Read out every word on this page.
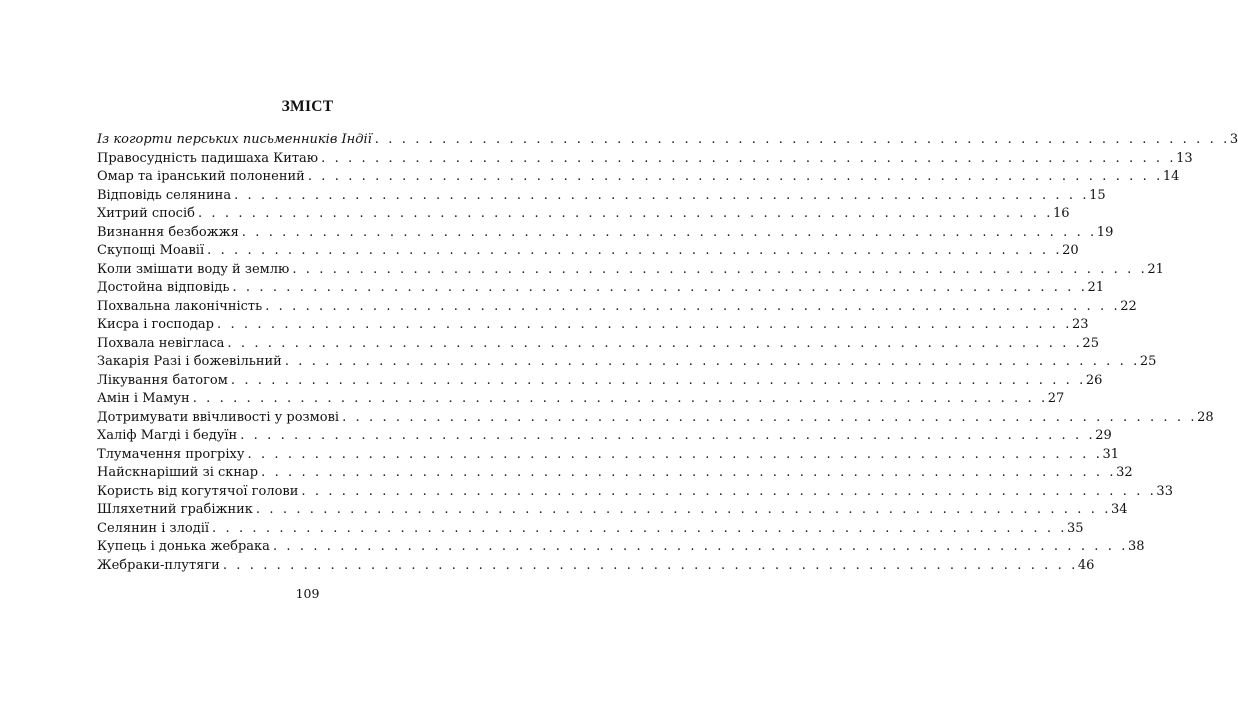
ЗМІСТ
Із когорти перських письменників Індії . . . . . . . . . . . . . . . . . . . . . . . . . . . . . . . . . . . . . . . . . . . . . . . . . . . . . . . . . . . . . . . . 3
Правосудність падишаха Китаю . . . . . . . . . . . . . . . . . . . . . . . . . . . . . . . . . . . . . . . . . . . . . . . . . . . . . . . . . . . . . . . . 13
Омар та іранський полонений . . . . . . . . . . . . . . . . . . . . . . . . . . . . . . . . . . . . . . . . . . . . . . . . . . . . . . . . . . . . . . . . 14
Відповідь селянина . . . . . . . . . . . . . . . . . . . . . . . . . . . . . . . . . . . . . . . . . . . . . . . . . . . . . . . . . . . . . . . . 15
Хитрий спосіб . . . . . . . . . . . . . . . . . . . . . . . . . . . . . . . . . . . . . . . . . . . . . . . . . . . . . . . . . . . . . . . . 16
Визнання безбожжя . . . . . . . . . . . . . . . . . . . . . . . . . . . . . . . . . . . . . . . . . . . . . . . . . . . . . . . . . . . . . . . . 19
Скупощі Моавії . . . . . . . . . . . . . . . . . . . . . . . . . . . . . . . . . . . . . . . . . . . . . . . . . . . . . . . . . . . . . . . . 20
Коли змішати воду й землю . . . . . . . . . . . . . . . . . . . . . . . . . . . . . . . . . . . . . . . . . . . . . . . . . . . . . . . . . . . . . . . . 21
Достойна відповідь . . . . . . . . . . . . . . . . . . . . . . . . . . . . . . . . . . . . . . . . . . . . . . . . . . . . . . . . . . . . . . . . 21
Похвальна лаконічність . . . . . . . . . . . . . . . . . . . . . . . . . . . . . . . . . . . . . . . . . . . . . . . . . . . . . . . . . . . . . . . . 22
Кисра і господар . . . . . . . . . . . . . . . . . . . . . . . . . . . . . . . . . . . . . . . . . . . . . . . . . . . . . . . . . . . . . . . . 23
Похвала невігласа . . . . . . . . . . . . . . . . . . . . . . . . . . . . . . . . . . . . . . . . . . . . . . . . . . . . . . . . . . . . . . . . 25
Закарія Разі і божевільний . . . . . . . . . . . . . . . . . . . . . . . . . . . . . . . . . . . . . . . . . . . . . . . . . . . . . . . . . . . . . . . . 25
Лікування батогом . . . . . . . . . . . . . . . . . . . . . . . . . . . . . . . . . . . . . . . . . . . . . . . . . . . . . . . . . . . . . . . . 26
Амін і Мамун . . . . . . . . . . . . . . . . . . . . . . . . . . . . . . . . . . . . . . . . . . . . . . . . . . . . . . . . . . . . . . . . 27
Дотримувати ввічливості у розмові . . . . . . . . . . . . . . . . . . . . . . . . . . . . . . . . . . . . . . . . . . . . . . . . . . . . . . . . . . . . . . . . 28
Халіф Магді і бедуїн . . . . . . . . . . . . . . . . . . . . . . . . . . . . . . . . . . . . . . . . . . . . . . . . . . . . . . . . . . . . . . . . 29
Тлумачення прогріху . . . . . . . . . . . . . . . . . . . . . . . . . . . . . . . . . . . . . . . . . . . . . . . . . . . . . . . . . . . . . . . . 31
Найскнаріший зі скнар . . . . . . . . . . . . . . . . . . . . . . . . . . . . . . . . . . . . . . . . . . . . . . . . . . . . . . . . . . . . . . . . 32
Користь від когутячої голови . . . . . . . . . . . . . . . . . . . . . . . . . . . . . . . . . . . . . . . . . . . . . . . . . . . . . . . . . . . . . . . . 33
Шляхетний грабіжник . . . . . . . . . . . . . . . . . . . . . . . . . . . . . . . . . . . . . . . . . . . . . . . . . . . . . . . . . . . . . . . . 34
Селянин і злодії . . . . . . . . . . . . . . . . . . . . . . . . . . . . . . . . . . . . . . . . . . . . . . . . . . . . . . . . . . . . . . . . 35
Купець і донька жебрака . . . . . . . . . . . . . . . . . . . . . . . . . . . . . . . . . . . . . . . . . . . . . . . . . . . . . . . . . . . . . . . . 38
Жебраки-плутяги . . . . . . . . . . . . . . . . . . . . . . . . . . . . . . . . . . . . . . . . . . . . . . . . . . . . . . . . . . . . . . . . 46
109
